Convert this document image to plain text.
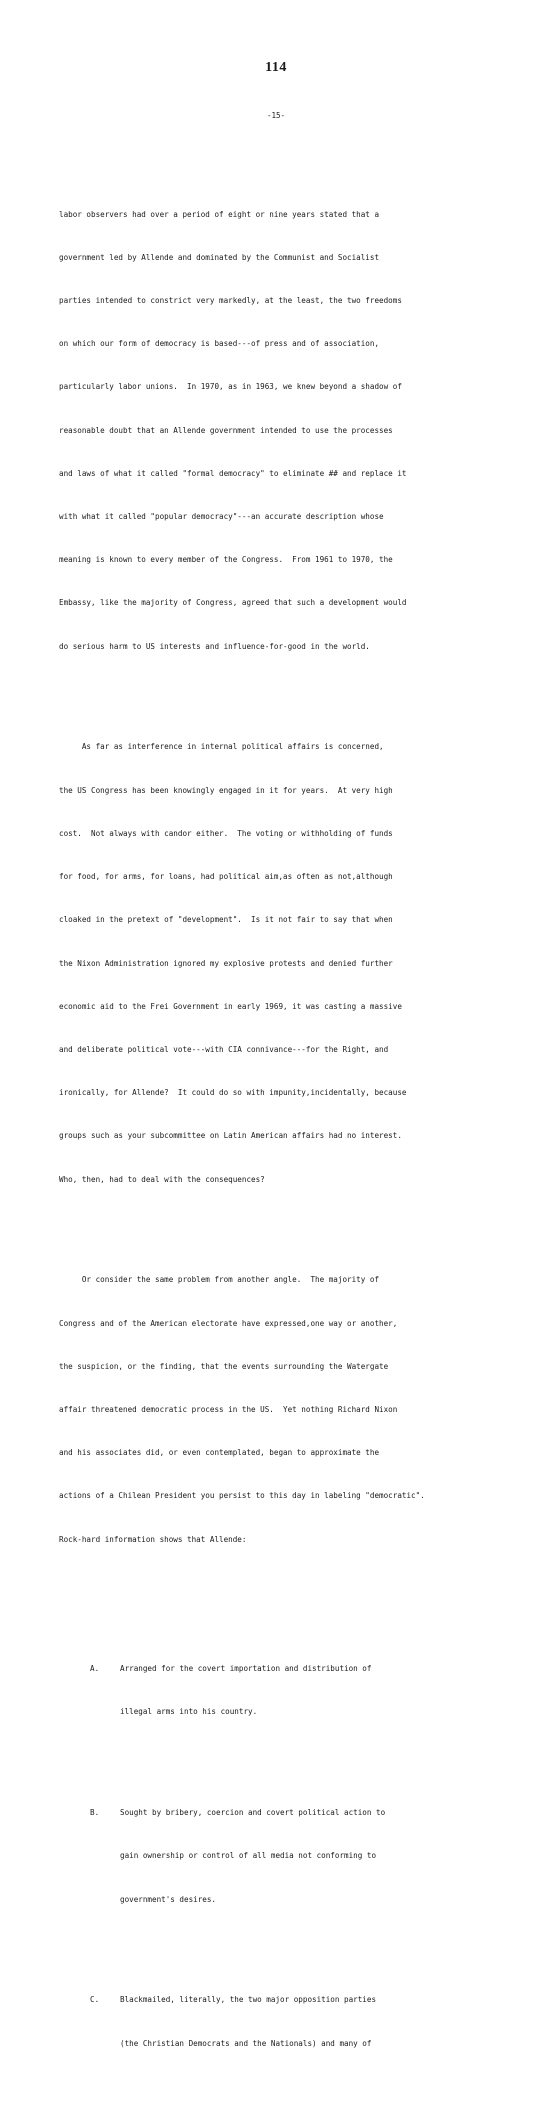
114
-15-

labor observers had over a period of eight or nine years stated that a

government led by Allende and dominated by the Communist and Socialist

parties intended to constrict very markedly, at the least, the two freedoms

on which our form of democracy is based---of press and of association,

particularly labor unions.  In 1970, as in 1963, we knew beyond a shadow of

reasonable doubt that an Allende government intended to use the processes

and laws of what it called "formal democracy" to eliminate ## and replace it

with what it called "popular democracy"---an accurate description whose

meaning is known to every member of the Congress.  From 1961 to 1970, the

Embassy, like the majority of Congress, agreed that such a development would

do serious harm to US interests and influence-for-good in the world.

As far as interference in internal political affairs is concerned,

the US Congress has been knowingly engaged in it for years.  At very high

cost.  Not always with candor either.  The voting or withholding of funds

for food, for arms, for loans, had political aim,as often as not,although

cloaked in the pretext of "development".  Is it not fair to say that when

the Nixon Administration ignored my explosive protests and denied further

economic aid to the Frei Government in early 1969, it was casting a massive

and deliberate political vote---with CIA connivance---for the Right, and

ironically, for Allende?  It could do so with impunity,incidentally, because

groups such as your subcommittee on Latin American affairs had no interest.

Who, then, had to deal with the consequences?

Or consider the same problem from another angle.  The majority of

Congress and of the American electorate have expressed,one way or another,

the suspicion, or the finding, that the events surrounding the Watergate

affair threatened democratic process in the US.  Yet nothing Richard Nixon

and his associates did, or even contemplated, began to approximate the

actions of a Chilean President you persist to this day in labeling "democratic".

Rock-hard information shows that Allende:

A.	Arranged for the covert importation and distribution of

illegal arms into his country.

B.	Sought by bribery, coercion and covert political action to

gain ownership or control of all media not conforming to

government's desires.

C.	Blackmailed, literally, the two major opposition parties

(the Christian Democrats and the Nationals) and many of
